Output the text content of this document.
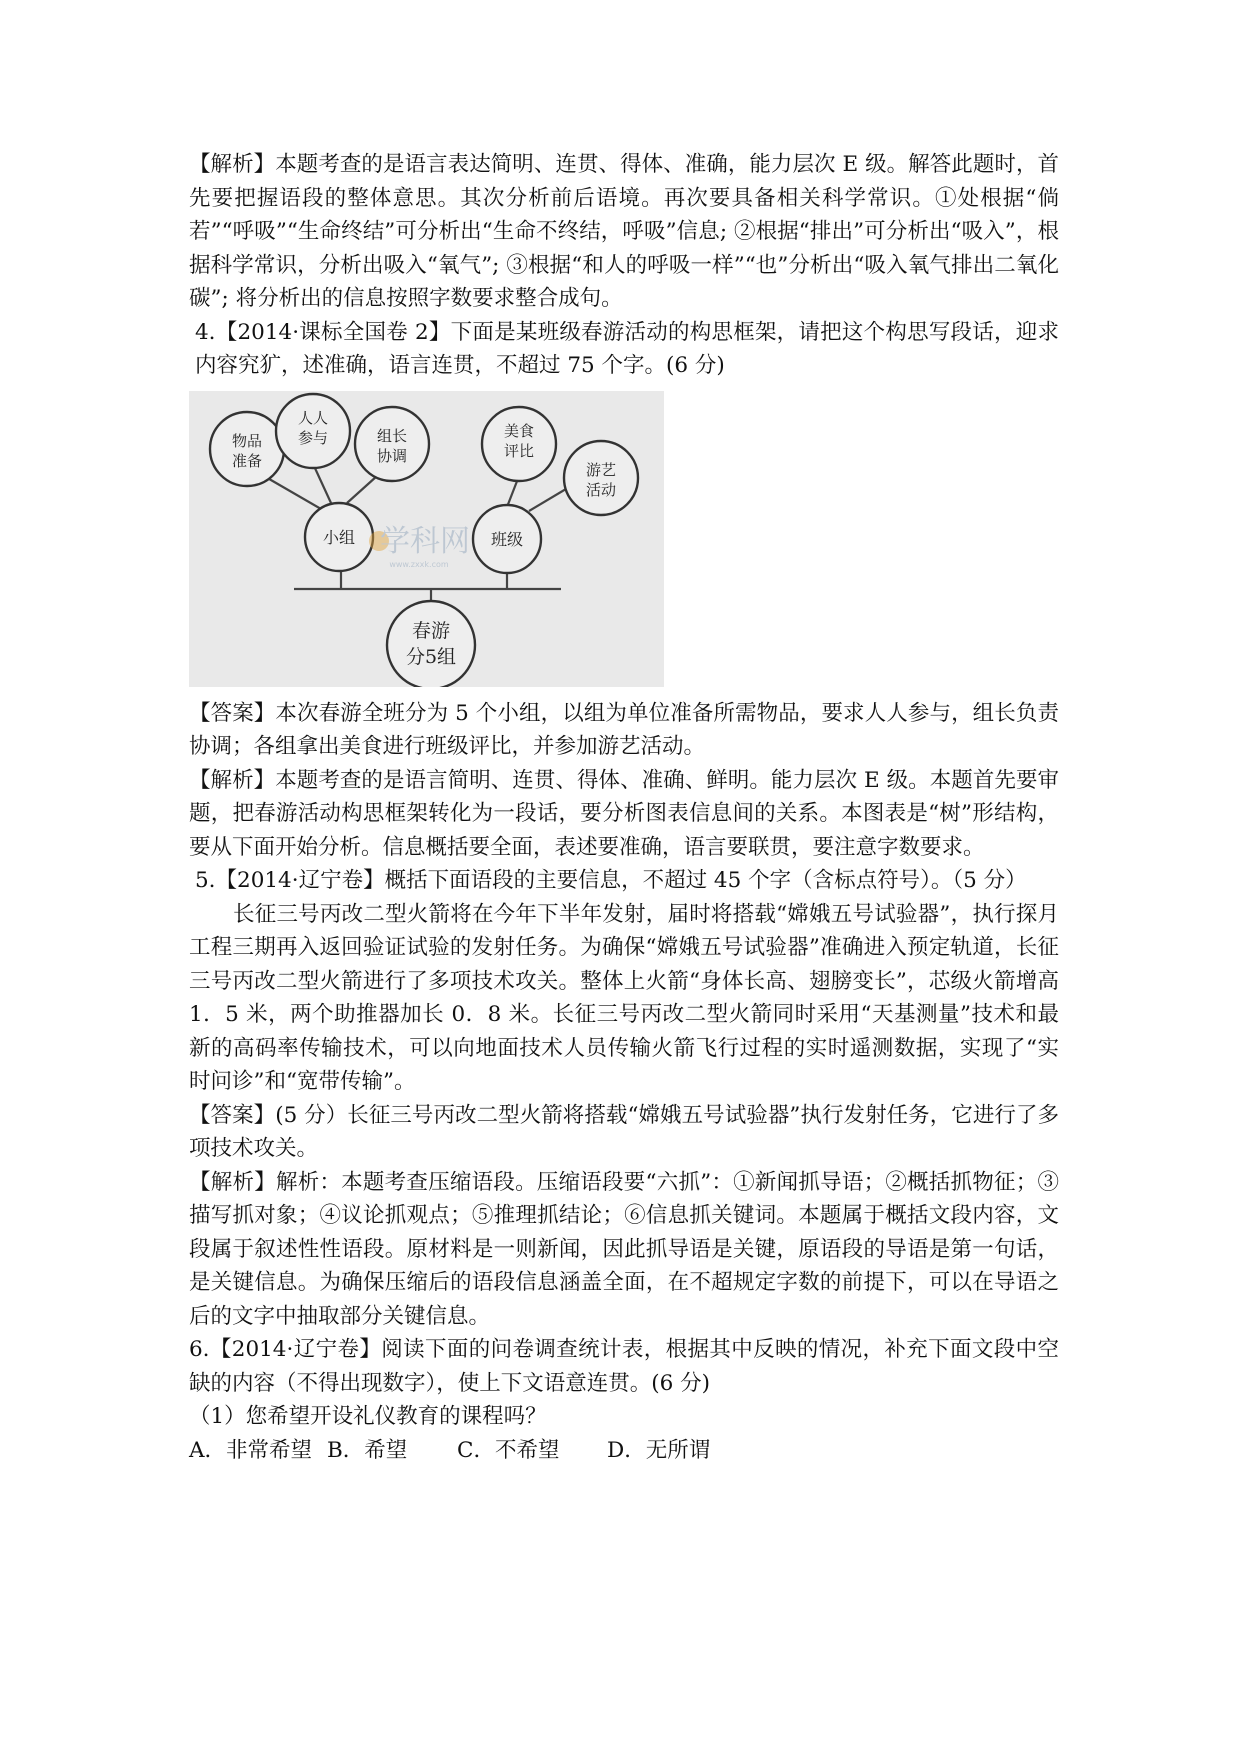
【解析】本题考查的是语言表达简明、连贯、得体、准确，能力层次 E 级。解答此题时，首先要把握语段的整体意思。其次分析前后语境。再次要具备相关科学常识。①处根据“倘若”“呼吸”“生命终结”可分析出“生命不终结，呼吸”信息; ②根据“排出”可分析出“吸入”，根据科学常识，分析出吸入“氧气”; ③根据“和人的呼吸一样”“也”分析出“吸入氧气排出二氧化碳”; 将分析出的信息按照字数要求整合成句。

4.【2014·课标全国卷 2】下面是某班级春游活动的构思框架，请把这个构思写段话，迎求内容究犷，述准确，语言连贯，不超过 75 个字。(6 分)

物品
准备
人人
参与	组长
协调
美食
评比
游艺
活动
小组	班级
春游
分5组
学科网
www.zxxk.com

【答案】本次春游全班分为 5 个小组，以组为单位准备所需物品，要求人人参与，组长负责协调；各组拿出美食进行班级评比，并参加游艺活动。

【解析】本题考查的是语言简明、连贯、得体、准确、鲜明。能力层次 E 级。本题首先要审题，把春游活动构思框架转化为一段话，要分析图表信息间的关系。本图表是“树”形结构，要从下面开始分析。信息概括要全面，表述要准确，语言要联贯，要注意字数要求。

5.【2014·辽宁卷】概括下面语段的主要信息，不超过 45 个字（含标点符号）。（5 分）

长征三号丙改二型火箭将在今年下半年发射，届时将搭载“嫦娥五号试验器”，执行探月工程三期再入返回验证试验的发射任务。为确保“嫦娥五号试验器”准确进入预定轨道，长征三号丙改二型火箭进行了多项技术攻关。整体上火箭“身体长高、翅膀变长”，芯级火箭增高 1．5 米，两个助推器加长 0．8 米。长征三号丙改二型火箭同时采用“天基测量”技术和最新的高码率传输技术，可以向地面技术人员传输火箭飞行过程的实时遥测数据，实现了“实时问诊”和“宽带传输”。

【答案】(5 分）长征三号丙改二型火箭将搭载“嫦娥五号试验器”执行发射任务，它进行了多项技术攻关。

【解析】解析：本题考查压缩语段。压缩语段要“六抓”：①新闻抓导语；②概括抓物征；③描写抓对象；④议论抓观点；⑤推理抓结论；⑥信息抓关键词。本题属于概括文段内容，文段属于叙述性性语段。原材料是一则新闻，因此抓导语是关键，原语段的导语是第一句话，是关键信息。为确保压缩后的语段信息涵盖全面，在不超规定字数的前提下，可以在导语之后的文字中抽取部分关键信息。

6.【2014·辽宁卷】阅读下面的问卷调查统计表，根据其中反映的情况，补充下面文段中空缺的内容（不得出现数字），使上下文语意连贯。(6 分)

（1）您希望开设礼仪教育的课程吗？

A．非常希望 B．希望	C．不希望	D．无所谓
